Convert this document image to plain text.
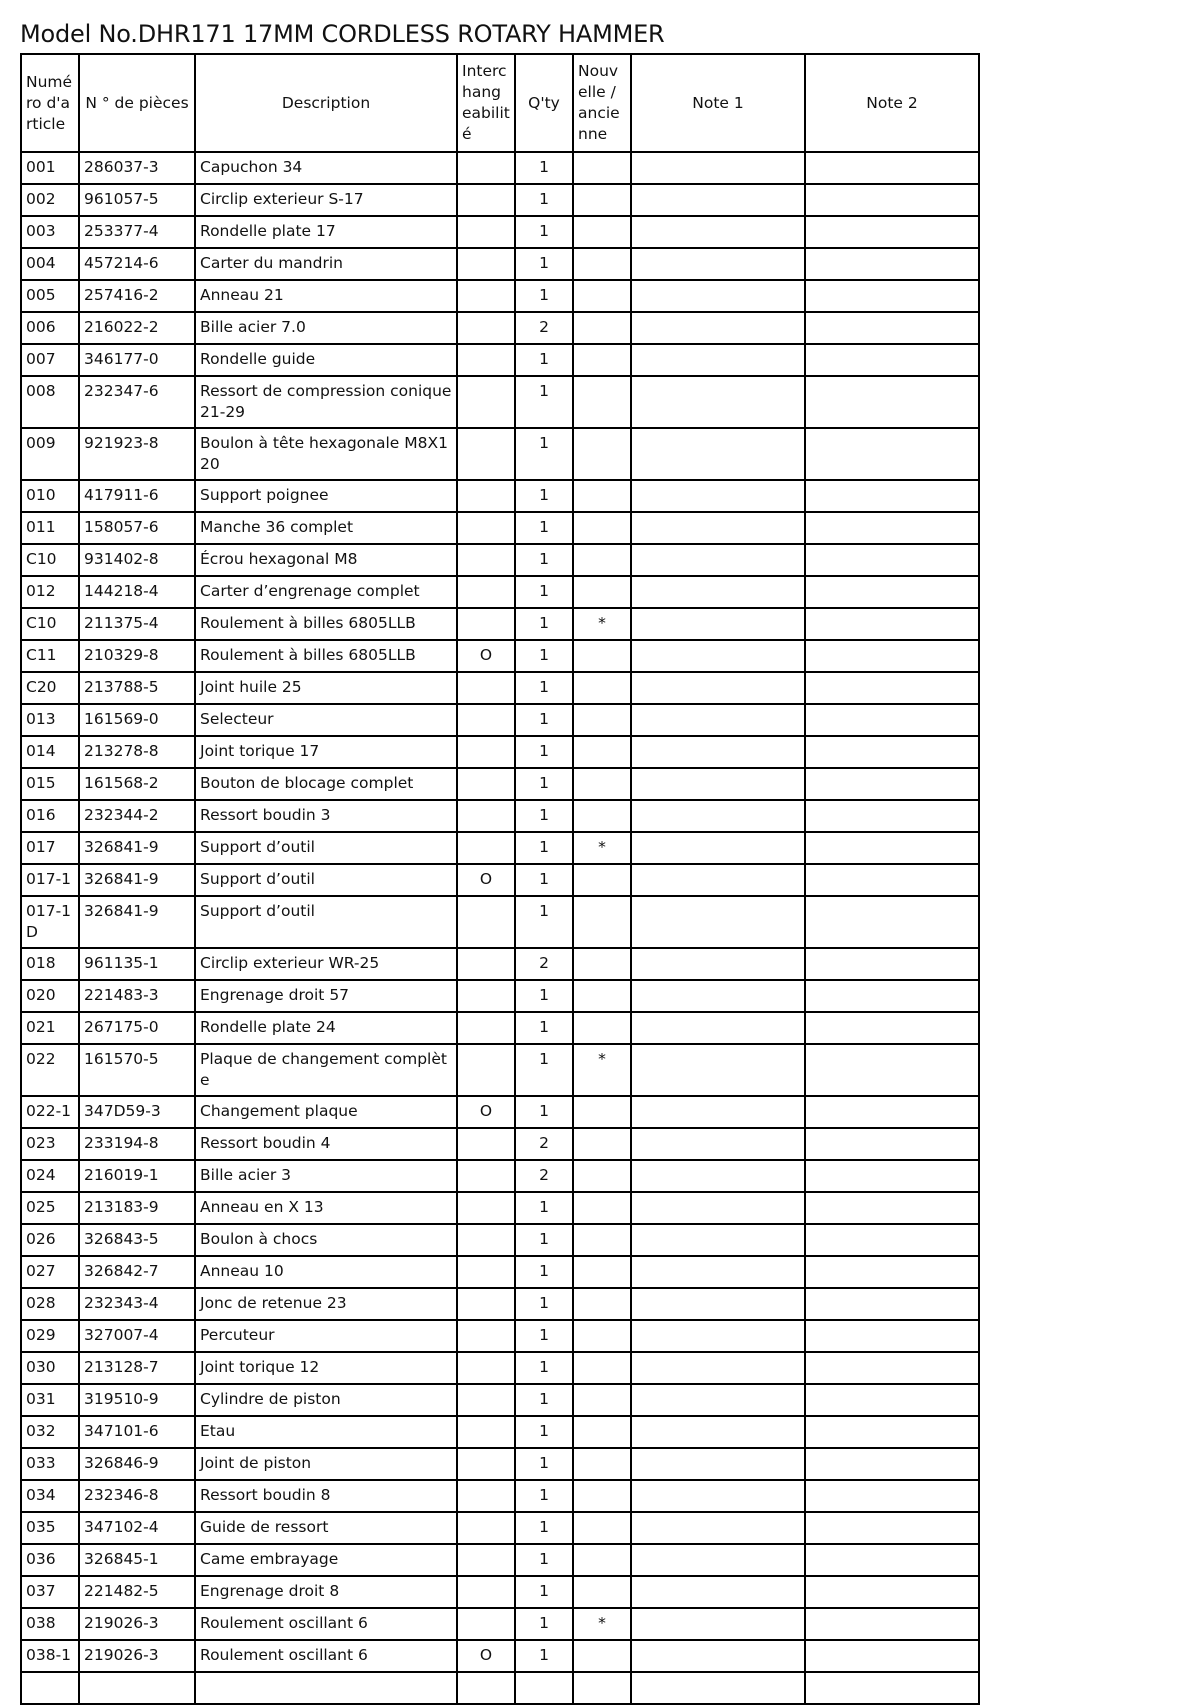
Model No.DHR171 17MM CORDLESS ROTARY HAMMER
Numéro d'article	N ° de pièces	Description	Interchangeabilité	Q'ty	Nouvelle / ancienne	Note 1	Note 2
001	286037-3	Capuchon 34		1			
002	961057-5	Circlip exterieur S-17		1			
003	253377-4	Rondelle plate 17		1			
004	457214-6	Carter du mandrin		1			
005	257416-2	Anneau 21		1			
006	216022-2	Bille acier 7.0		2			
007	346177-0	Rondelle guide		1			
008	232347-6	Ressort de compression conique 21-29		1			
009	921923-8	Boulon à tête hexagonale M8X120		1			
010	417911-6	Support poignee		1			
011	158057-6	Manche 36 complet		1			
C10	931402-8	Écrou hexagonal M8		1			
012	144218-4	Carter d’engrenage complet		1			
C10	211375-4	Roulement à billes 6805LLB		1	*		
C11	210329-8	Roulement à billes 6805LLB	O	1			
C20	213788-5	Joint huile 25		1			
013	161569-0	Selecteur		1			
014	213278-8	Joint torique 17		1			
015	161568-2	Bouton de blocage complet		1			
016	232344-2	Ressort boudin 3		1			
017	326841-9	Support d’outil		1	*		
017-1	326841-9	Support d’outil	O	1			
017-1D	326841-9	Support d’outil		1			
018	961135-1	Circlip exterieur WR-25		2			
020	221483-3	Engrenage droit 57		1			
021	267175-0	Rondelle plate 24		1			
022	161570-5	Plaque de changement complète		1	*		
022-1	347D59-3	Changement plaque	O	1			
023	233194-8	Ressort boudin 4		2			
024	216019-1	Bille acier 3		2			
025	213183-9	Anneau en X 13		1			
026	326843-5	Boulon à chocs		1			
027	326842-7	Anneau 10		1			
028	232343-4	Jonc de retenue 23		1			
029	327007-4	Percuteur		1			
030	213128-7	Joint torique 12		1			
031	319510-9	Cylindre de piston		1			
032	347101-6	Etau		1			
033	326846-9	Joint de piston		1			
034	232346-8	Ressort boudin 8		1			
035	347102-4	Guide de ressort		1			
036	326845-1	Came embrayage		1			
037	221482-5	Engrenage droit 8		1			
038	219026-3	Roulement oscillant 6		1	*		
038-1	219026-3	Roulement oscillant 6	O	1			
